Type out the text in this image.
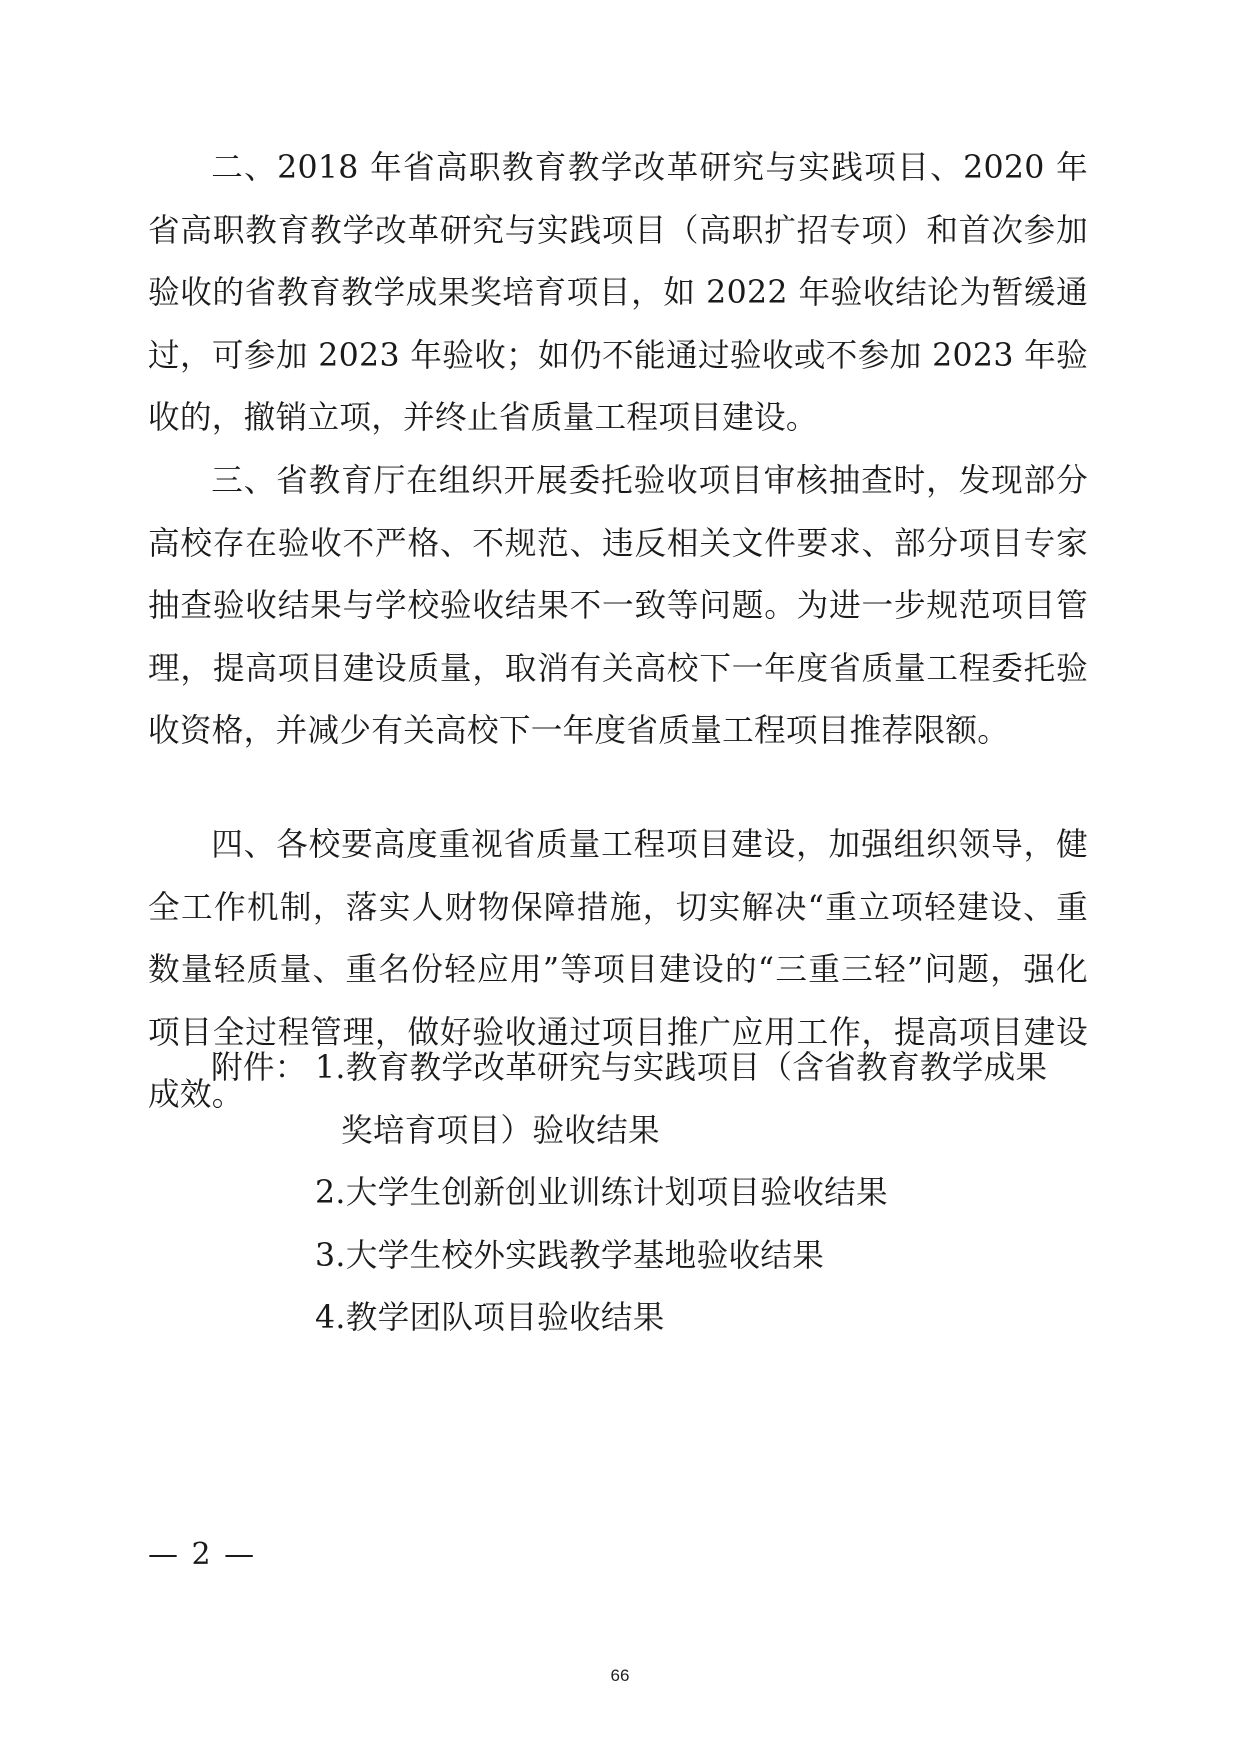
二、2018 年省高职教育教学改革研究与实践项目、2020 年省高职教育教学改革研究与实践项目（高职扩招专项）和首次参加验收的省教育教学成果奖培育项目，如 2022 年验收结论为暂缓通过，可参加 2023 年验收；如仍不能通过验收或不参加 2023 年验收的，撤销立项，并终止省质量工程项目建设。

三、省教育厅在组织开展委托验收项目审核抽查时，发现部分高校存在验收不严格、不规范、违反相关文件要求、部分项目专家抽查验收结果与学校验收结果不一致等问题。为进一步规范项目管理，提高项目建设质量，取消有关高校下一年度省质量工程委托验收资格，并减少有关高校下一年度省质量工程项目推荐限额。

四、各校要高度重视省质量工程项目建设，加强组织领导，健全工作机制，落实人财物保障措施，切实解决“重立项轻建设、重数量轻质量、重名份轻应用”等项目建设的“三重三轻”问题，强化项目全过程管理，做好验收通过项目推广应用工作，提高项目建设成效。

附件： 1.教育教学改革研究与实践项目（含省教育教学成果
奖培育项目）验收结果
2.大学生创新创业训练计划项目验收结果
3.大学生校外实践教学基地验收结果
4.教学团队项目验收结果
— 2 —
66
